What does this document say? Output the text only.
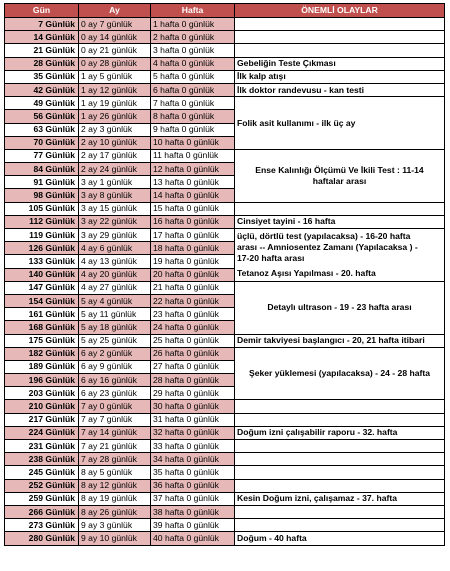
Gün	Ay	Hafta	ÖNEMLİ OLAYLAR
7 Günlük	0 ay 7 günlük	1 hafta 0 günlük	

14 Günlük	0 ay 14 günlük	2 hafta 0 günlük	

21 Günlük	0 ay 21 günlük	3 hafta 0 günlük	

28 Günlük	0 ay 28 günlük	4 hafta 0 günlük	Gebeliğin Teste Çıkması

35 Günlük	1 ay 5 günlük	5 hafta 0 günlük	İlk kalp atışı

42 Günlük	1 ay 12 günlük	6 hafta 0 günlük	İlk doktor randevusu - kan testi

49 Günlük	1 ay 19 günlük	7 hafta 0 günlük	Folik asit kullanımı - ilk üç ay

56 Günlük	1 ay 26 günlük	8 hafta 0 günlük	
63 Günlük	2 ay 3 günlük	9 hafta 0 günlük	
70 Günlük	2 ay 10 günlük	10 hafta 0 günlük	
77 Günlük	2 ay 17 günlük	11 hafta 0 günlük	Ense Kalınlığı Ölçümü Ve İkili Test : 11-14
haftalar arası

84 Günlük	2 ay 24 günlük	12 hafta 0 günlük	
91 Günlük	3 ay 1 günlük	13 hafta 0 günlük	
98 Günlük	3 ay 8 günlük	14 hafta 0 günlük	
105 Günlük	3 ay 15 günlük	15 hafta 0 günlük	

112 Günlük	3 ay 22 günlük	16 hafta 0 günlük	Cinsiyet tayini - 16 hafta

119 Günlük	3 ay 29 günlük	17 hafta 0 günlük	üçlü, dörtlü test (yapılacaksa) - 16-20 hafta
arası -- Amniosentez Zamanı (Yapılacaksa ) -
17-20 hafta arası
Tetanoz Aşısı Yapılması - 20. hafta

126 Günlük	4 ay 6 günlük	18 hafta 0 günlük	
133 Günlük	4 ay 13 günlük	19 hafta 0 günlük	
140 Günlük	4 ay 20 günlük	20 hafta 0 günlük	
147 Günlük	4 ay 27 günlük	21 hafta 0 günlük	Detaylı ultrason - 19 - 23 hafta arası

154 Günlük	5 ay 4 günlük	22 hafta 0 günlük	
161 Günlük	5 ay 11 günlük	23 hafta 0 günlük	
168 Günlük	5 ay 18 günlük	24 hafta 0 günlük	
175 Günlük	5 ay 25 günlük	25 hafta 0 günlük	Demir takviyesi başlangıcı - 20, 21 hafta itibari

182 Günlük	6 ay 2 günlük	26 hafta 0 günlük	Şeker yüklemesi (yapılacaksa) - 24 - 28 hafta

189 Günlük	6 ay 9 günlük	27 hafta 0 günlük	
196 Günlük	6 ay 16 günlük	28 hafta 0 günlük	
203 Günlük	6 ay 23 günlük	29 hafta 0 günlük	
210 Günlük	7 ay 0 günlük	30 hafta 0 günlük	

217 Günlük	7 ay 7 günlük	31 hafta 0 günlük	

224 Günlük	7 ay 14 günlük	32 hafta 0 günlük	Doğum izni çalışabilir raporu - 32. hafta

231 Günlük	7 ay 21 günlük	33 hafta 0 günlük	

238 Günlük	7 ay 28 günlük	34 hafta 0 günlük	

245 Günlük	8 ay 5 günlük	35 hafta 0 günlük	

252 Günlük	8 ay 12 günlük	36 hafta 0 günlük	

259 Günlük	8 ay 19 günlük	37 hafta 0 günlük	Kesin Doğum izni, çalışamaz - 37. hafta

266 Günlük	8 ay 26 günlük	38 hafta 0 günlük	

273 Günlük	9 ay 3 günlük	39 hafta 0 günlük	

280 Günlük	9 ay 10 günlük	40 hafta 0 günlük	Doğum - 40 hafta
